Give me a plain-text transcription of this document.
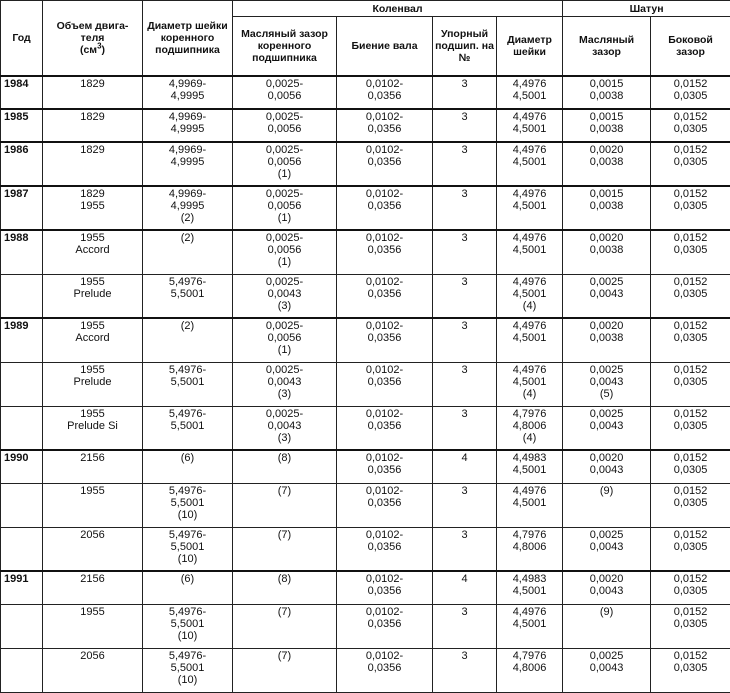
Год	Объем двига-
теля
$(см^3)$	Диаметр шейки коренного подшипника	Коленвал				Шатун	
			Масляный зазор коренного подшипника	Биение вала	Упорный подшип. на №	Диаметр шейки	Масляный зазор	Боковой зазор
1984	1829	4,9969-
4,9995	0,0025-
0,0056	0,0102-
0,0356	3	4,4976
4,5001	0,0015
0,0038	0,0152
0,0305

1985	1829	4,9969-
4,9995	0,0025-
0,0056	0,0102-
0,0356	3	4,4976
4,5001	0,0015
0,0038	0,0152
0,0305

1986	1829	4,9969-
4,9995	0,0025-
0,0056
(1)	0,0102-
0,0356	3	4,4976
4,5001	0,0020
0,0038	0,0152
0,0305

1987	1829
1955	4,9969-
4,9995
(2)	0,0025-
0,0056
(1)	0,0102-
0,0356	3	4,4976
4,5001	0,0015
0,0038	0,0152
0,0305

1988	1955
Accord	(2)	0,0025-
0,0056
(1)	0,0102-
0,0356	3	4,4976
4,5001	0,0020
0,0038	0,0152
0,0305

	1955
Prelude	5,4976-
5,5001	0,0025-
0,0043
(3)	0,0102-
0,0356	3	4,4976
4,5001
(4)	0,0025
0,0043	0,0152
0,0305

1989	1955
Accord	(2)	0,0025-
0,0056
(1)	0,0102-
0,0356	3	4,4976
4,5001	0,0020
0,0038	0,0152
0,0305

	1955
Prelude	5,4976-
5,5001	0,0025-
0,0043
(3)	0,0102-
0,0356	3	4,4976
4,5001
(4)	0,0025
0,0043
(5)	0,0152
0,0305

	1955
Prelude Si	5,4976-
5,5001	0,0025-
0,0043
(3)	0,0102-
0,0356	3	4,7976
4,8006
(4)	0,0025
0,0043	0,0152
0,0305

1990	2156	(6)	(8)	0,0102-
0,0356	4	4,4983
4,5001	0,0020
0,0043	0,0152
0,0305

	1955	5,4976-
5,5001
(10)	(7)	0,0102-
0,0356	3	4,4976
4,5001	(9)	0,0152
0,0305

	2056	5,4976-
5,5001
(10)	(7)	0,0102-
0,0356	3	4,7976
4,8006	0,0025
0,0043	0,0152
0,0305

1991	2156	(6)	(8)	0,0102-
0,0356	4	4,4983
4,5001	0,0020
0,0043	0,0152
0,0305

	1955	5,4976-
5,5001
(10)	(7)	0,0102-
0,0356	3	4,4976
4,5001	(9)	0,0152
0,0305

	2056	5,4976-
5,5001
(10)	(7)	0,0102-
0,0356	3	4,7976
4,8006	0,0025
0,0043	0,0152
0,0305
